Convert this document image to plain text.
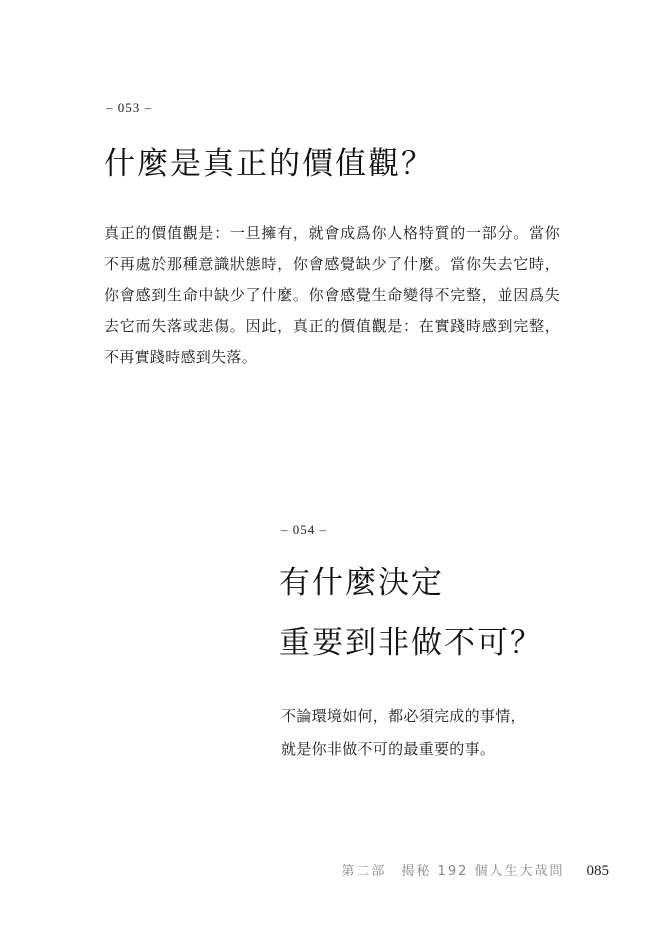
– 053 –
什麼是真正的價值觀？

真正的價值觀是：一旦擁有，就會成爲你人格特質的一部分。當你不再處於那種意識狀態時，你會感覺缺少了什麼。當你失去它時，你會感到生命中缺少了什麼。你會感覺生命變得不完整，並因爲失去它而失落或悲傷。因此，真正的價值觀是：在實踐時感到完整，不再實踐時感到失落。

– 054 –
有什麼決定
重要到非做不可？
不論環境如何，都必須完成的事情，
就是你非做不可的最重要的事。
第二部　揭秘 192 個人生大哉問 085
